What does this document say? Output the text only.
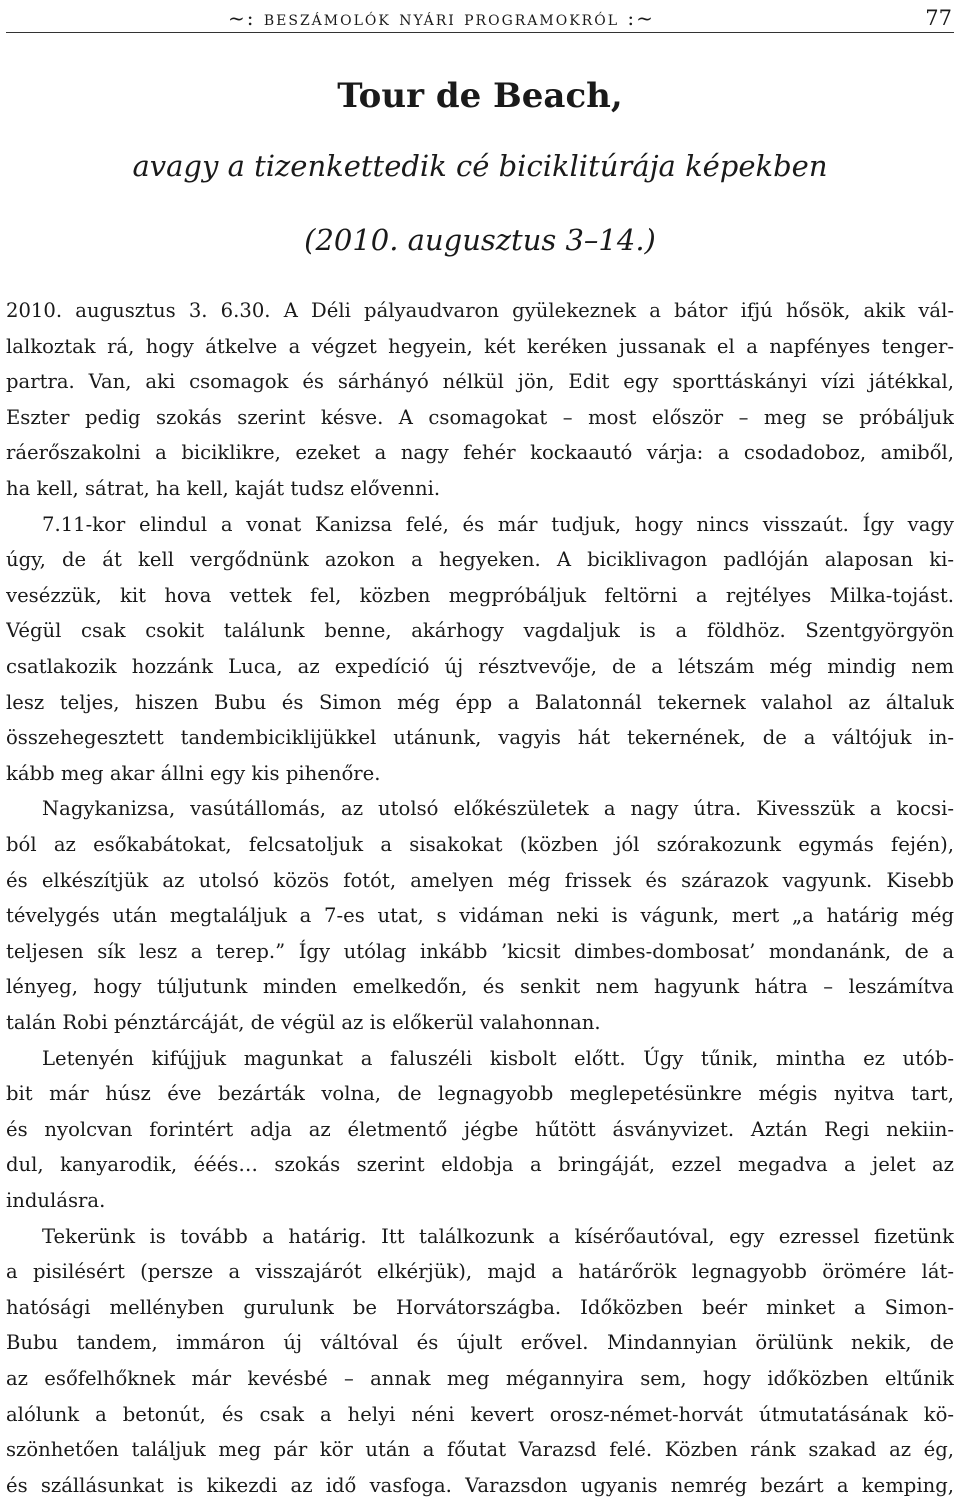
~: beszámolók nyári programokról :~	77
Tour de Beach,
avagy a tizenkettedik cé biciklitúrája képekben
(2010. augusztus 3–14.)
2010. augusztus 3. 6.30. A Déli pályaudvaron gyülekeznek a bátor ifjú hősök, akik vál-
lalkoztak rá, hogy átkelve a végzet hegyein, két keréken jussanak el a napfényes tenger-
partra. Van, aki csomagok és sárhányó nélkül jön, Edit egy sporttáskányi vízi játékkal,
Eszter pedig szokás szerint késve. A csomagokat – most először – meg se próbáljuk
ráerőszakolni a biciklikre, ezeket a nagy fehér kockaautó várja: a csodadoboz, amiből,
ha kell, sátrat, ha kell, kaját tudsz elővenni.
7.11-kor elindul a vonat Kanizsa felé, és már tudjuk, hogy nincs visszaút. Így vagy
úgy, de át kell vergődnünk azokon a hegyeken. A biciklivagon padlóján alaposan ki-
vesézzük, kit hova vettek fel, közben megpróbáljuk feltörni a rejtélyes Milka-tojást.
Végül csak csokit találunk benne, akárhogy vagdaljuk is a földhöz. Szentgyörgyön
csatlakozik hozzánk Luca, az expedíció új résztvevője, de a létszám még mindig nem
lesz teljes, hiszen Bubu és Simon még épp a Balatonnál tekernek valahol az általuk
összehegesztett tandembiciklijükkel utánunk, vagyis hát tekernének, de a váltójuk in-
kább meg akar állni egy kis pihenőre.
Nagykanizsa, vasútállomás, az utolsó előkészületek a nagy útra. Kivesszük a kocsi-
ból az esőkabátokat, felcsatoljuk a sisakokat (közben jól szórakozunk egymás fején),
és elkészítjük az utolsó közös fotót, amelyen még frissek és szárazok vagyunk. Kisebb
tévelygés után megtaláljuk a 7-es utat, s vidáman neki is vágunk, mert „a határig még
teljesen sík lesz a terep.” Így utólag inkább ’kicsit dimbes-dombosat’ mondanánk, de a
lényeg, hogy túljutunk minden emelkedőn, és senkit nem hagyunk hátra – leszámítva
talán Robi pénztárcáját, de végül az is előkerül valahonnan.
Letenyén kifújjuk magunkat a faluszéli kisbolt előtt. Úgy tűnik, mintha ez utób-
bit már húsz éve bezárták volna, de legnagyobb meglepetésünkre mégis nyitva tart,
és nyolcvan forintért adja az életmentő jégbe hűtött ásványvizet. Aztán Regi nekiin-
dul, kanyarodik, ééés… szokás szerint eldobja a bringáját, ezzel megadva a jelet az
indulásra.
Tekerünk is tovább a határig. Itt találkozunk a kísérőautóval, egy ezressel fizetünk
a pisilésért (persze a visszajárót elkérjük), majd a határőrök legnagyobb örömére lát-
hatósági mellényben gurulunk be Horvátországba. Időközben beér minket a Simon-
Bubu tandem, immáron új váltóval és újult erővel. Mindannyian örülünk nekik, de
az esőfelhőknek már kevésbé – annak meg mégannyira sem, hogy időközben eltűnik
alólunk a betonút, és csak a helyi néni kevert orosz-német-horvát útmutatásának kö-
szönhetően találjuk meg pár kör után a főutat Varazsd felé. Közben ránk szakad az ég,
és szállásunkat is kikezdi az idő vasfoga. Varazsdon ugyanis nemrég bezárt a kemping,
